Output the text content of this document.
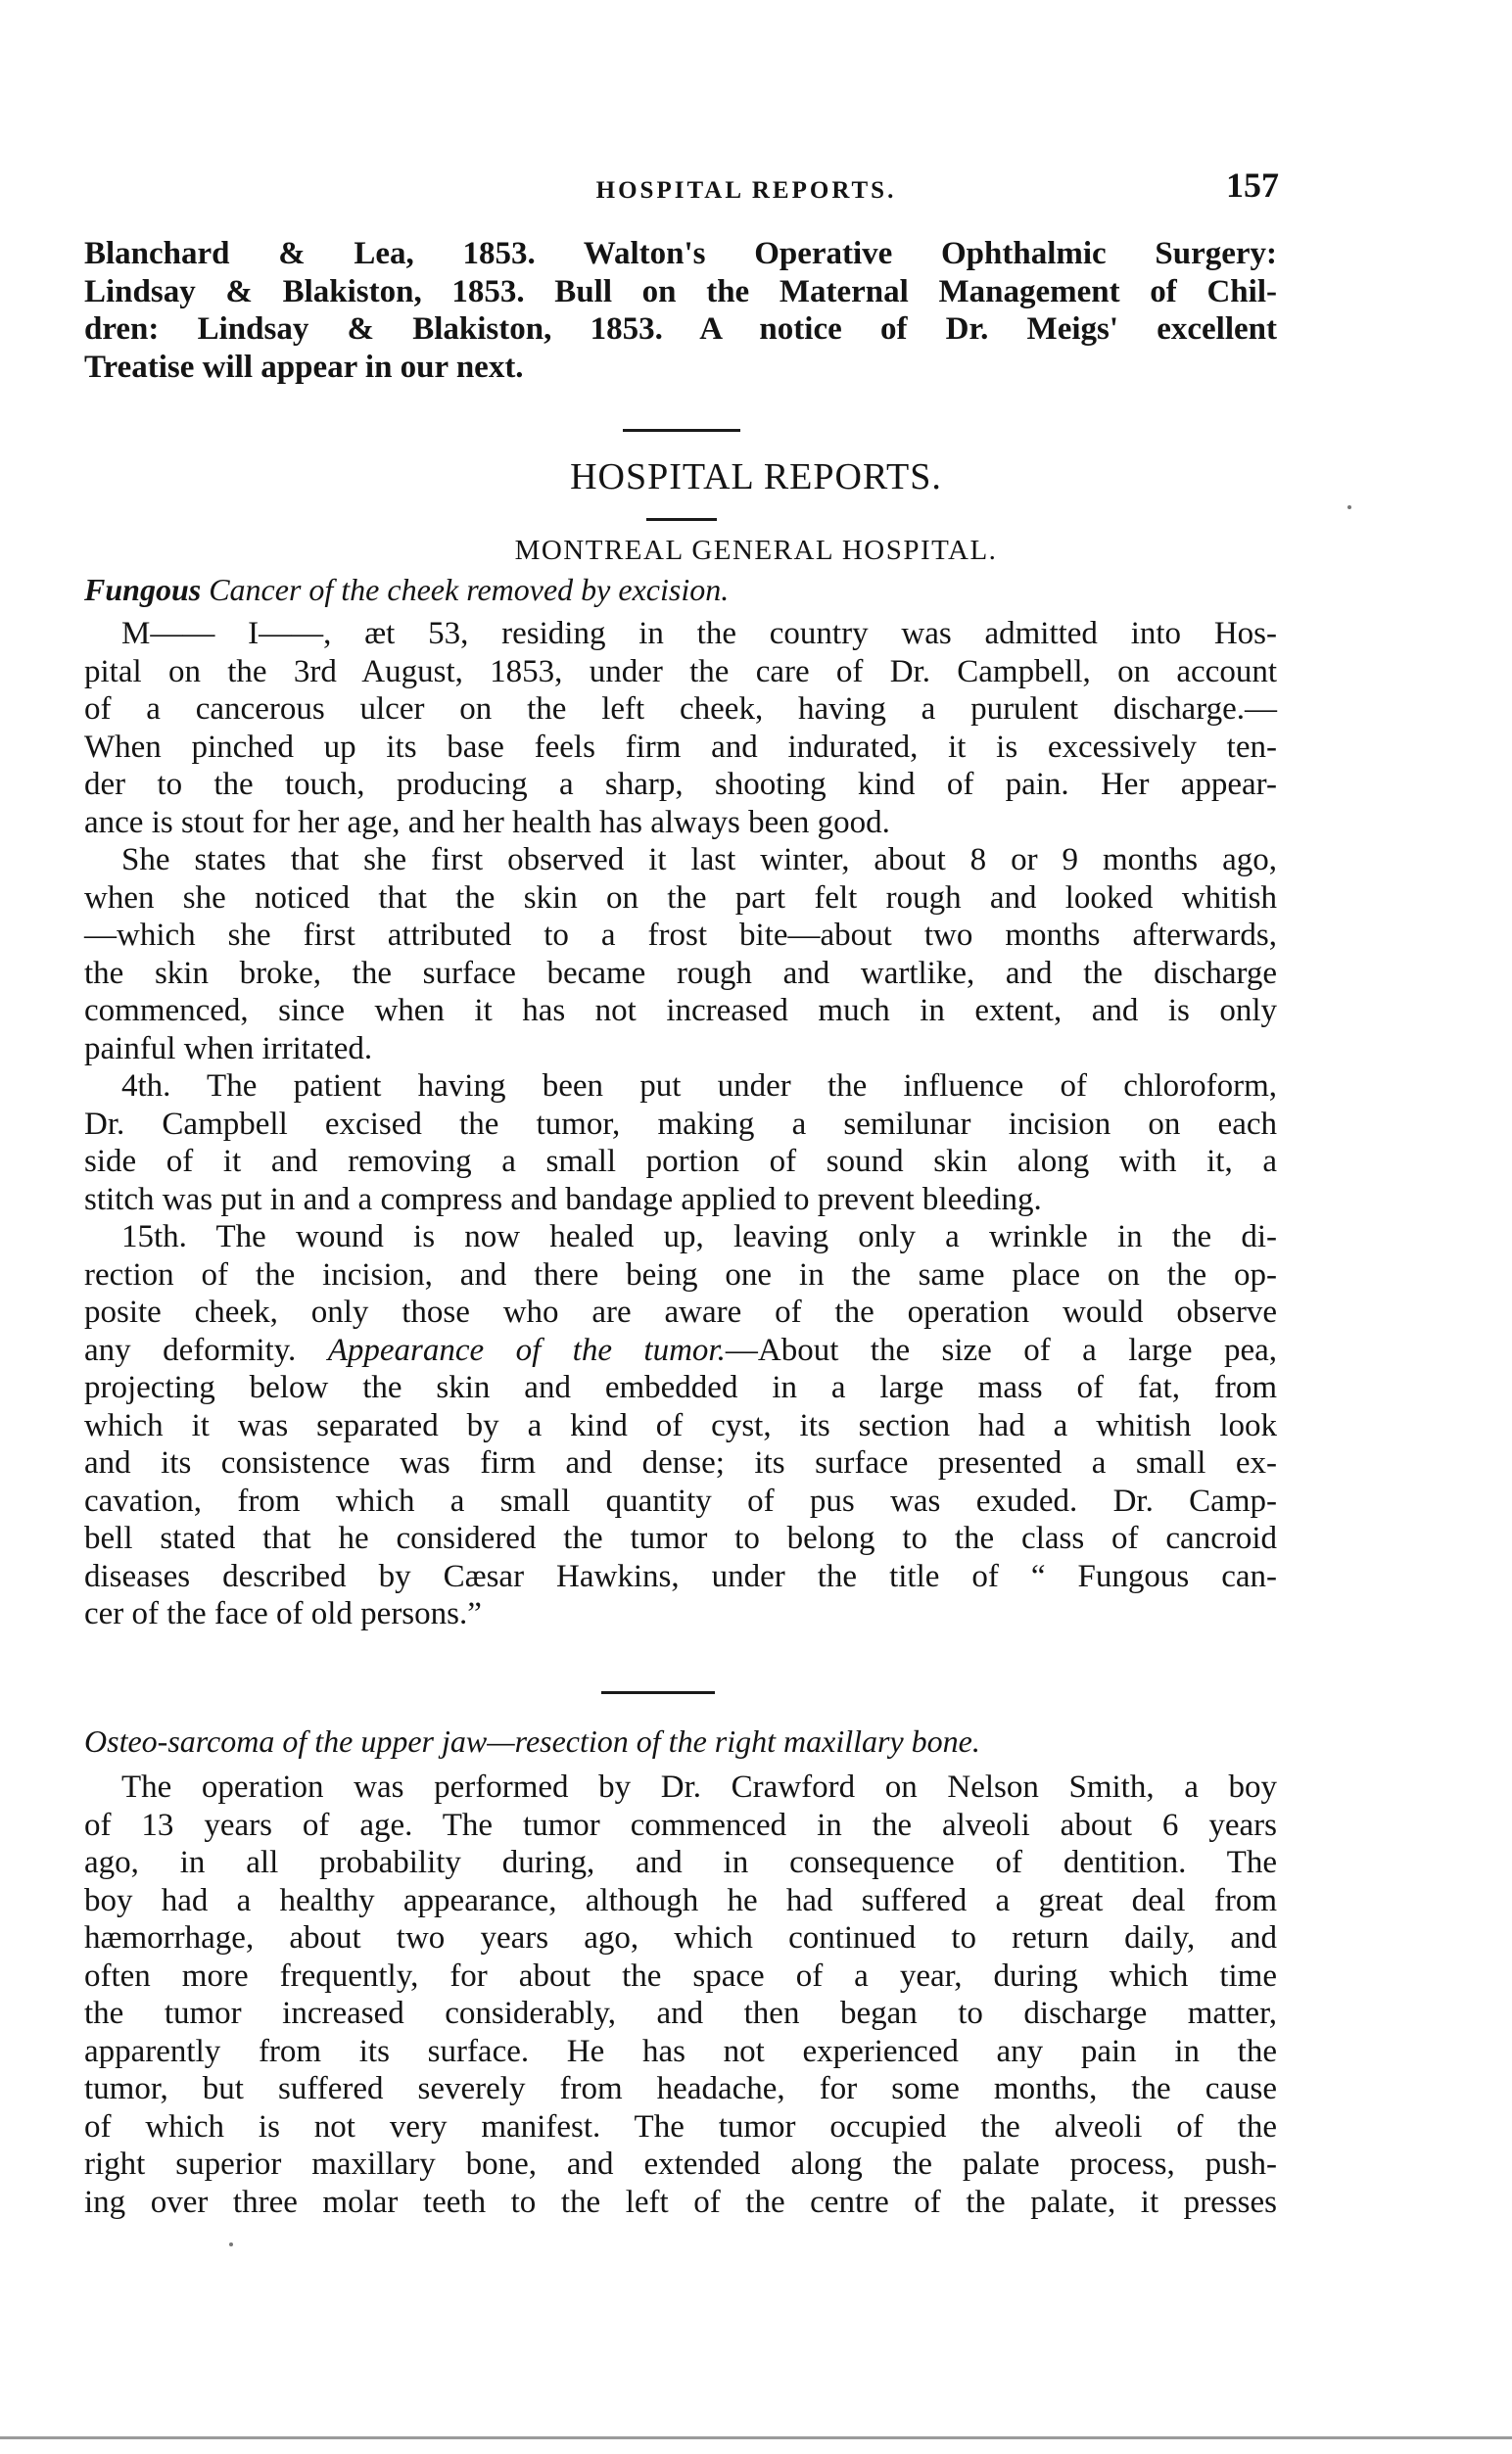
HOSPITAL REPORTS.	157
Blanchard & Lea, 1853. Walton's Operative Ophthalmic Surgery:
Lindsay & Blakiston, 1853. Bull on the Maternal Management of Chil-
dren: Lindsay & Blakiston, 1853. A notice of Dr. Meigs' excellent
Treatise will appear in our next.
HOSPITAL REPORTS.
MONTREAL GENERAL HOSPITAL.
Fungous Cancer of the cheek removed by excision.
M—— I——, æt 53, residing in the country was admitted into Hos-
pital on the 3rd August, 1853, under the care of Dr. Campbell, on account
of a cancerous ulcer on the left cheek, having a purulent discharge.—
When pinched up its base feels firm and indurated, it is excessively ten-
der to the touch, producing a sharp, shooting kind of pain. Her appear-
ance is stout for her age, and her health has always been good.
She states that she first observed it last winter, about 8 or 9 months ago,
when she noticed that the skin on the part felt rough and looked whitish
—which she first attributed to a frost bite—about two months afterwards,
the skin broke, the surface became rough and wartlike, and the discharge
commenced, since when it has not increased much in extent, and is only
painful when irritated.
4th. The patient having been put under the influence of chloroform,
Dr. Campbell excised the tumor, making a semilunar incision on each
side of it and removing a small portion of sound skin along with it, a
stitch was put in and a compress and bandage applied to prevent bleeding.
15th. The wound is now healed up, leaving only a wrinkle in the di-
rection of the incision, and there being one in the same place on the op-
posite cheek, only those who are aware of the operation would observe
any deformity. Appearance of the tumor.—About the size of a large pea,
projecting below the skin and embedded in a large mass of fat, from
which it was separated by a kind of cyst, its section had a whitish look
and its consistence was firm and dense; its surface presented a small ex-
cavation, from which a small quantity of pus was exuded. Dr. Camp-
bell stated that he considered the tumor to belong to the class of cancroid
diseases described by Cæsar Hawkins, under the title of “ Fungous can-
cer of the face of old persons.”
Osteo-sarcoma of the upper jaw—resection of the right maxillary bone.
The operation was performed by Dr. Crawford on Nelson Smith, a boy
of 13 years of age. The tumor commenced in the alveoli about 6 years
ago, in all probability during, and in consequence of dentition. The
boy had a healthy appearance, although he had suffered a great deal from
hæmorrhage, about two years ago, which continued to return daily, and
often more frequently, for about the space of a year, during which time
the tumor increased considerably, and then began to discharge matter,
apparently from its surface. He has not experienced any pain in the
tumor, but suffered severely from headache, for some months, the cause
of which is not very manifest. The tumor occupied the alveoli of the
right superior maxillary bone, and extended along the palate process, push-
ing over three molar teeth to the left of the centre of the palate, it presses
